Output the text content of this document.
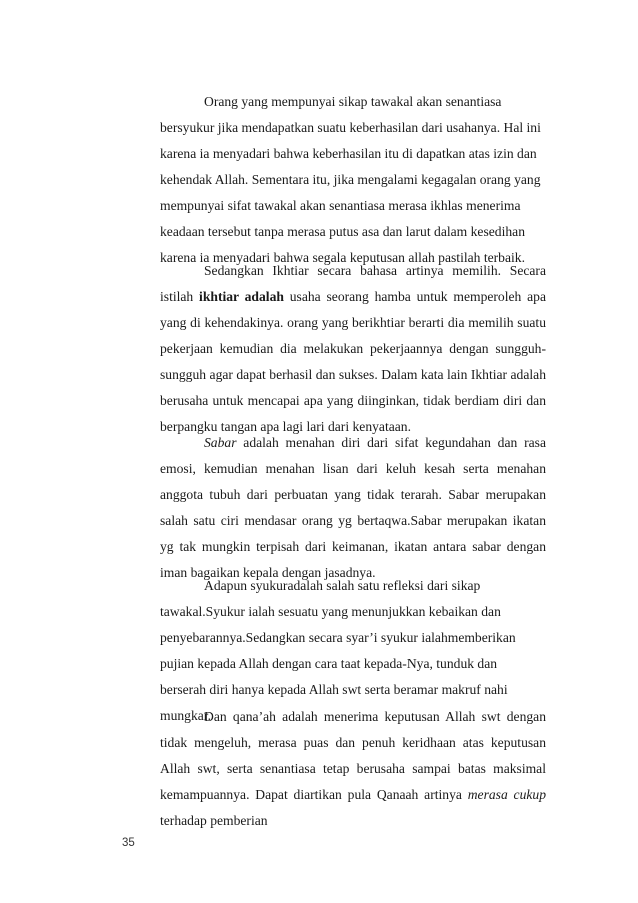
Orang yang mempunyai sikap tawakal akan senantiasa bersyukur jika mendapatkan suatu keberhasilan dari usahanya. Hal ini karena ia menyadari bahwa keberhasilan itu di dapatkan atas izin dan kehendak Allah. Sementara itu, jika mengalami kegagalan orang yang mempunyai sifat tawakal akan senantiasa merasa ikhlas menerima keadaan tersebut tanpa merasa putus asa dan larut dalam kesedihan karena ia menyadari bahwa segala keputusan allah pastilah terbaik.

Sedangkan Ikhtiar secara bahasa artinya memilih. Secara istilah ikhtiar adalah usaha seorang hamba untuk memperoleh apa yang di kehendakinya. orang yang berikhtiar berarti dia memilih suatu pekerjaan kemudian dia melakukan pekerjaannya dengan sungguh-sungguh agar dapat berhasil dan sukses. Dalam kata lain Ikhtiar adalah berusaha untuk mencapai apa yang diinginkan, tidak berdiam diri dan berpangku tangan apa lagi lari dari kenyataan.

Sabar adalah menahan diri dari sifat kegundahan dan rasa emosi, kemudian menahan lisan dari keluh kesah serta menahan anggota tubuh dari perbuatan yang tidak terarah. Sabar merupakan salah satu ciri mendasar orang yg bertaqwa.Sabar merupakan ikatan yg tak mungkin terpisah dari keimanan, ikatan antara sabar dengan iman bagaikan kepala dengan jasadnya.

Adapun syukuradalah salah satu refleksi dari sikap tawakal.Syukur ialah sesuatu yang menunjukkan kebaikan dan penyebarannya.Sedangkan secara syar’i syukur ialahmemberikan pujian kepada Allah dengan cara taat kepada-Nya, tunduk dan berserah diri hanya kepada Allah swt serta beramar makruf nahi mungkar.

Dan qana’ah adalah menerima keputusan Allah swt dengan tidak mengeluh, merasa puas dan penuh keridhaan atas keputusan Allah swt, serta senantiasa tetap berusaha sampai batas maksimal kemampuannya. Dapat diartikan pula Qanaah artinya merasa cukup terhadap pemberian

35
